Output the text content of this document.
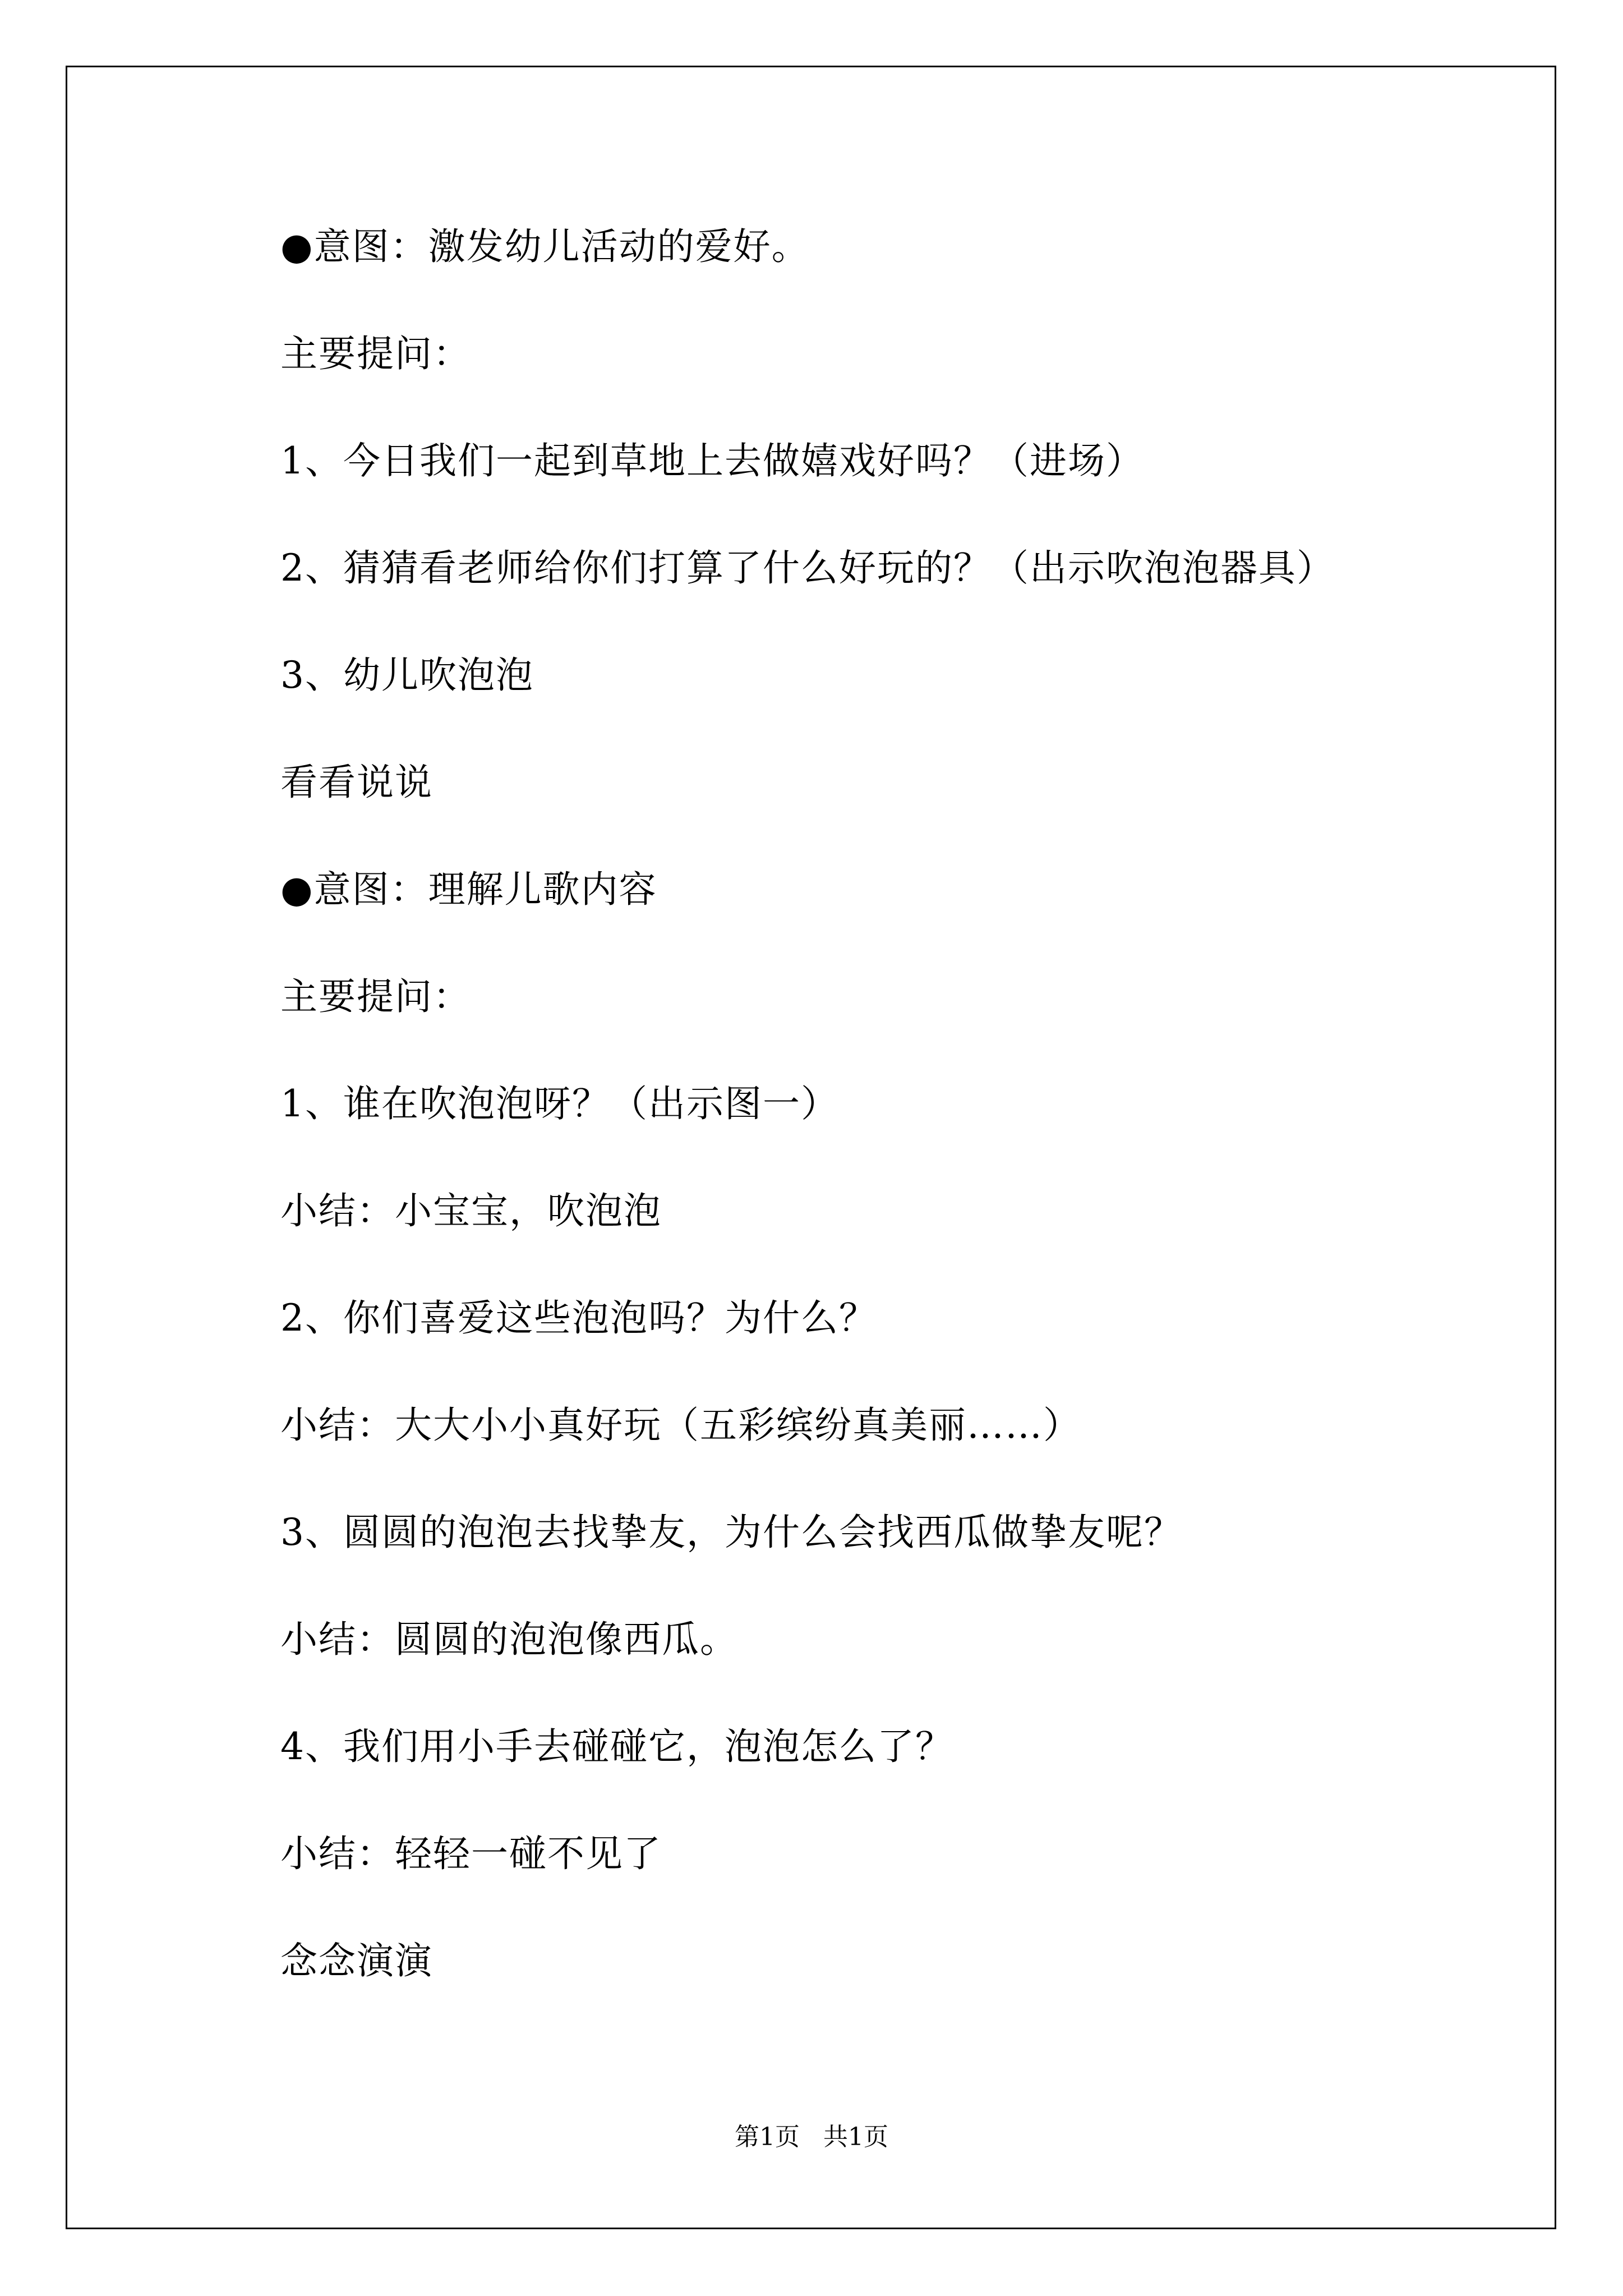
●意图：激发幼儿活动的爱好。
主要提问：
1、今日我们一起到草地上去做嬉戏好吗？（进场）
2、猜猜看老师给你们打算了什么好玩的？（出示吹泡泡器具）
3、幼儿吹泡泡
看看说说
●意图：理解儿歌内容
主要提问：
1、谁在吹泡泡呀？（出示图一）
小结：小宝宝，吹泡泡
2、你们喜爱这些泡泡吗？为什么？
小结：大大小小真好玩（五彩缤纷真美丽……）
3、圆圆的泡泡去找挚友，为什么会找西瓜做挚友呢？
小结：圆圆的泡泡像西瓜。
4、我们用小手去碰碰它，泡泡怎么了？
小结：轻轻一碰不见了
念念演演
第1页   共1页
